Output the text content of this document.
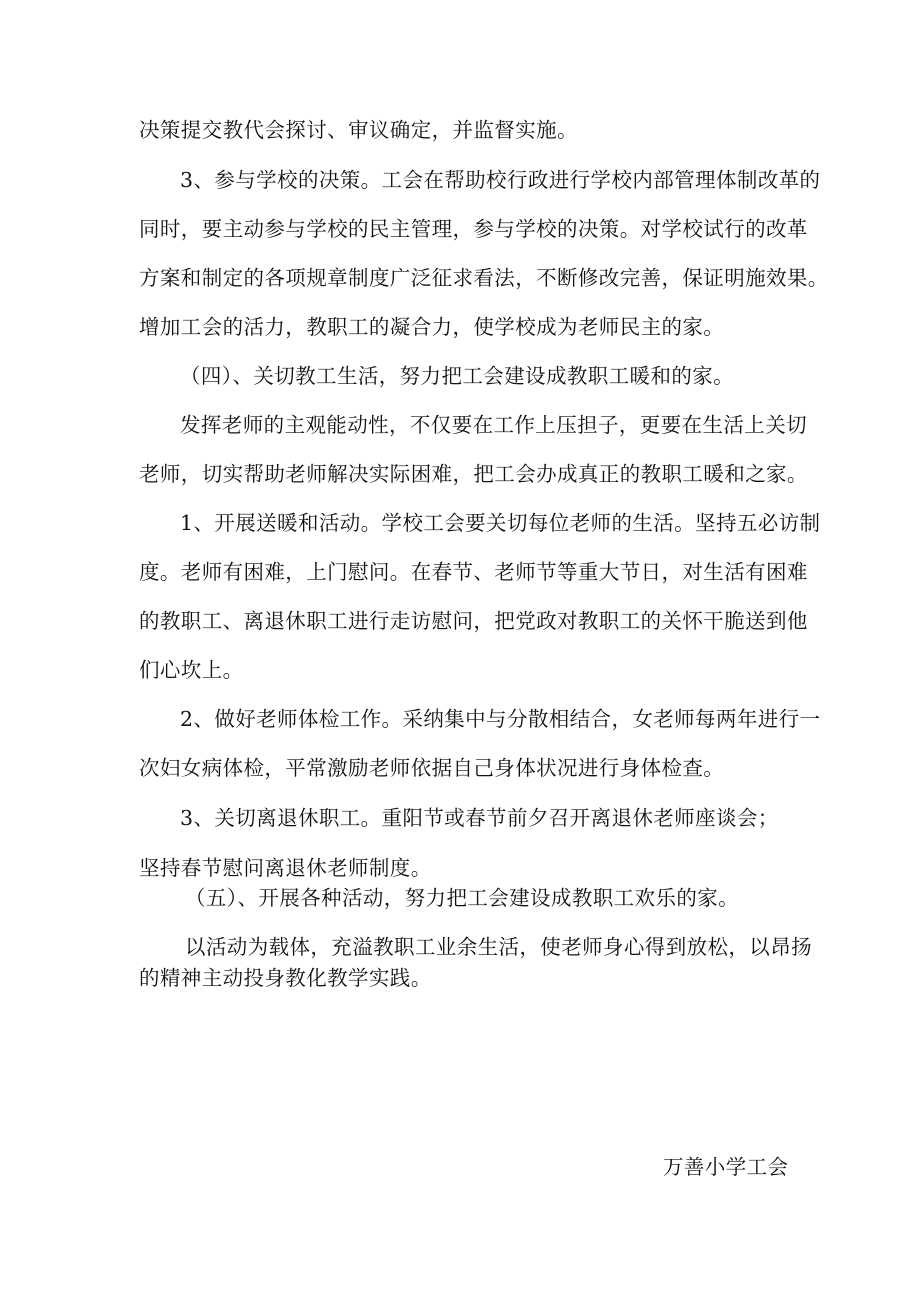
决策提交教代会探讨、审议确定，并监督实施。
3、参与学校的决策。工会在帮助校行政进行学校内部管理体制改革的
同时，要主动参与学校的民主管理，参与学校的决策。对学校试行的改革
方案和制定的各项规章制度广泛征求看法，不断修改完善，保证明施效果。
增加工会的活力，教职工的凝合力，使学校成为老师民主的家。
（四）、关切教工生活，努力把工会建设成教职工暖和的家。
发挥老师的主观能动性，不仅要在工作上压担子，更要在生活上关切
老师，切实帮助老师解决实际困难，把工会办成真正的教职工暖和之家。
1、开展送暖和活动。学校工会要关切每位老师的生活。坚持五必访制
度。老师有困难，上门慰问。在春节、老师节等重大节日，对生活有困难
的教职工、离退休职工进行走访慰问，把党政对教职工的关怀干脆送到他
们心坎上。
2、做好老师体检工作。采纳集中与分散相结合，女老师每两年进行一
次妇女病体检，平常激励老师依据自己身体状况进行身体检查。
3、关切离退休职工。重阳节或春节前夕召开离退休老师座谈会；
坚持春节慰问离退休老师制度。
（五）、开展各种活动，努力把工会建设成教职工欢乐的家。
以活动为载体，充溢教职工业余生活，使老师身心得到放松，以昂扬
的精神主动投身教化教学实践。
万善小学工会
